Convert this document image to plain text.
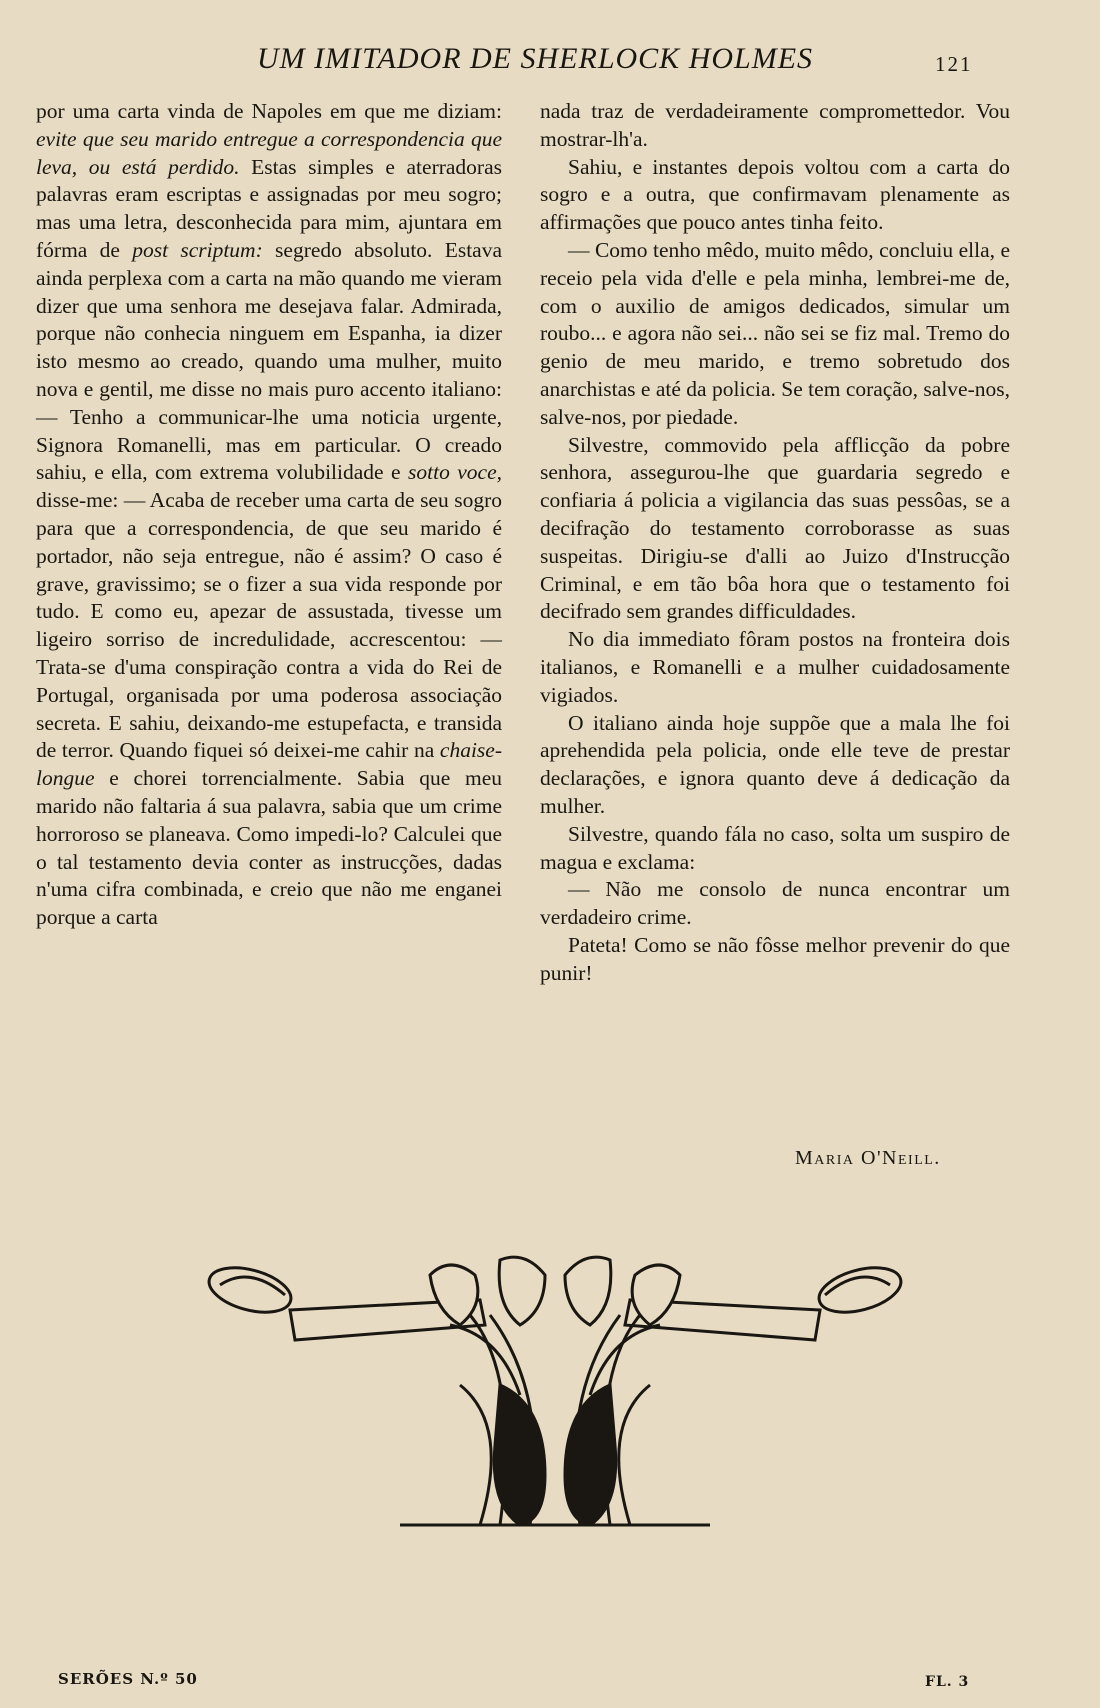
UM IMITADOR DE SHERLOCK HOLMES	121

por uma carta vinda de Napoles em que me diziam: evite que seu marido entregue a correspondencia que leva, ou está perdido. Estas simples e aterradoras palavras eram escriptas e assignadas por meu sogro; mas uma letra, desconhecida para mim, ajuntara em fórma de post scriptum: segredo absoluto. Estava ainda perplexa com a carta na mão quando me vieram dizer que uma senhora me desejava falar. Admirada, porque não conhecia ninguem em Espanha, ia dizer isto mesmo ao creado, quando uma mulher, muito nova e gentil, me disse no mais puro accento italiano: — Tenho a communicar-lhe uma noticia urgente, Signora Romanelli, mas em particular. O creado sahiu, e ella, com extrema volubilidade e sotto voce, disse-me: — Acaba de receber uma carta de seu sogro para que a correspondencia, de que seu marido é portador, não seja entregue, não é assim? O caso é grave, gravissimo; se o fizer a sua vida responde por tudo. E como eu, apezar de assustada, tivesse um ligeiro sorriso de incredulidade, accrescentou: — Trata-se d'uma conspiração contra a vida do Rei de Portugal, organisada por uma poderosa associação secreta. E sahiu, deixando-me estupefacta, e transida de terror. Quando fiquei só deixei-me cahir na chaise-longue e chorei torrencialmente. Sabia que meu marido não faltaria á sua palavra, sabia que um crime horroroso se planeava. Como impedi-lo? Calculei que o tal testamento devia conter as instrucções, dadas n'uma cifra combinada, e creio que não me enganei porque a carta

nada traz de verdadeiramente compromettedor. Vou mostrar-lh'a.

Sahiu, e instantes depois voltou com a carta do sogro e a outra, que confirmavam plenamente as affirmações que pouco antes tinha feito.

— Como tenho mêdo, muito mêdo, concluiu ella, e receio pela vida d'elle e pela minha, lembrei-me de, com o auxilio de amigos dedicados, simular um roubo... e agora não sei... não sei se fiz mal. Tremo do genio de meu marido, e tremo sobretudo dos anarchistas e até da policia. Se tem coração, salve-nos, salve-nos, por piedade.

Silvestre, commovido pela afflicção da pobre senhora, assegurou-lhe que guardaria segredo e confiaria á policia a vigilancia das suas pessôas, se a decifração do testamento corroborasse as suas suspeitas. Dirigiu-se d'alli ao Juizo d'Instrucção Criminal, e em tão bôa hora que o testamento foi decifrado sem grandes difficuldades.

No dia immediato fôram postos na fronteira dois italianos, e Romanelli e a mulher cuidadosamente vigiados.

O italiano ainda hoje suppõe que a mala lhe foi aprehendida pela policia, onde elle teve de prestar declarações, e ignora quanto deve á dedicação da mulher.

Silvestre, quando fála no caso, solta um suspiro de magua e exclama:

— Não me consolo de nunca encontrar um verdadeiro crime.

Pateta! Como se não fôsse melhor prevenir do que punir!

Maria O'Neill.
SERÕES N.º 50	FL. 3
